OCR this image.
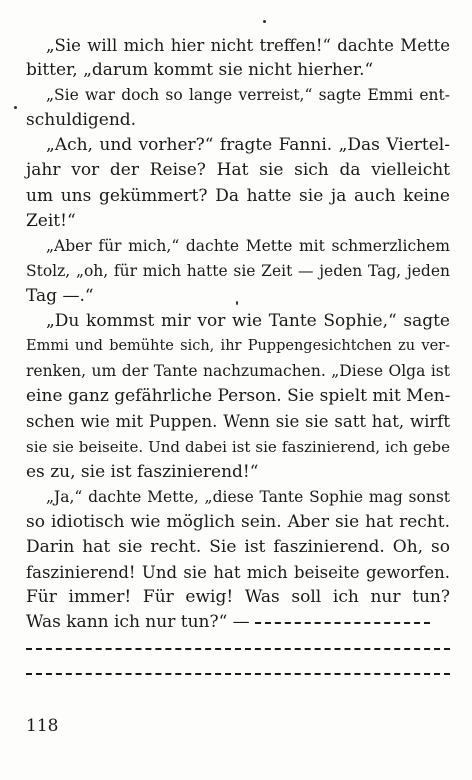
„Sie will mich hier nicht treffen!“ dachte Mette
bitter, „darum kommt sie nicht hierher.“
„Sie war doch so lange verreist,“ sagte Emmi ent-
schuldigend.
„Ach, und vorher?“ fragte Fanni. „Das Viertel-
jahr vor der Reise? Hat sie sich da vielleicht
um uns gekümmert? Da hatte sie ja auch keine
Zeit!“
„Aber für mich,“ dachte Mette mit schmerzlichem
Stolz, „oh, für mich hatte sie Zeit — jeden Tag, jeden
Tag —.“
„Du kommst mir vor wie Tante Sophie,“ sagte
Emmi und bemühte sich, ihr Puppengesichtchen zu ver-
renken, um der Tante nachzumachen. „Diese Olga ist
eine ganz gefährliche Person. Sie spielt mit Men-
schen wie mit Puppen. Wenn sie sie satt hat, wirft
sie sie beiseite. Und dabei ist sie faszinierend, ich gebe
es zu, sie ist faszinierend!“
„Ja,“ dachte Mette, „diese Tante Sophie mag sonst
so idiotisch wie möglich sein. Aber sie hat recht.
Darin hat sie recht. Sie ist faszinierend. Oh, so
faszinierend! Und sie hat mich beiseite geworfen.
Für immer! Für ewig! Was soll ich nur tun?
Was kann ich nur tun?“ —
118
